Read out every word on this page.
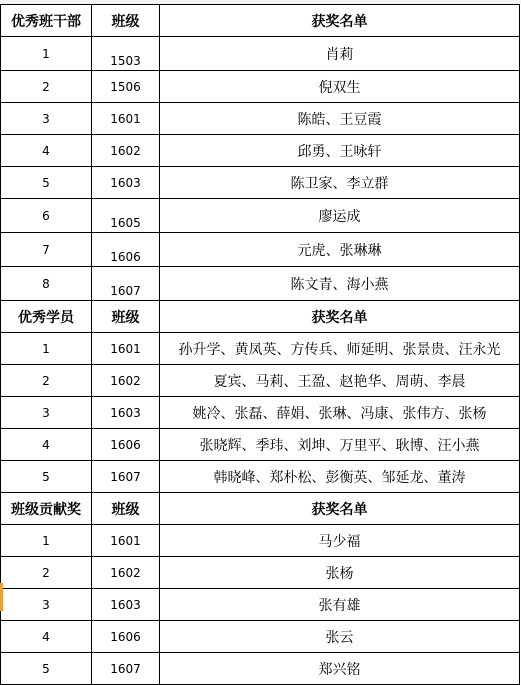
优秀班干部	班级	获奖名单
1	1503	肖莉
2	1506	倪双生
3	1601	陈皓、王豆霞
4	1602	邱勇、王咏轩
5	1603	陈卫家、李立群
6	1605	廖运成
7	1606	元虎、张琳琳
8	1607	陈文青、海小燕
优秀学员	班级	获奖名单
1	1601	孙升学、黄凤英、方传兵、师延明、张景贵、汪永光
2	1602	夏宾、马莉、王盈、赵艳华、周萌、李晨
3	1603	姚冷、张磊、薛娟、张琳、冯康、张伟方、张杨
4	1606	张晓辉、季玮、刘坤、万里平、耿博、汪小燕
5	1607	韩晓峰、郑朴松、彭衡英、邹延龙、董涛
班级贡献奖	班级	获奖名单
1	1601	马少福
2	1602	张杨
3	1603	张有雄
4	1606	张云
5	1607	郑兴铭
